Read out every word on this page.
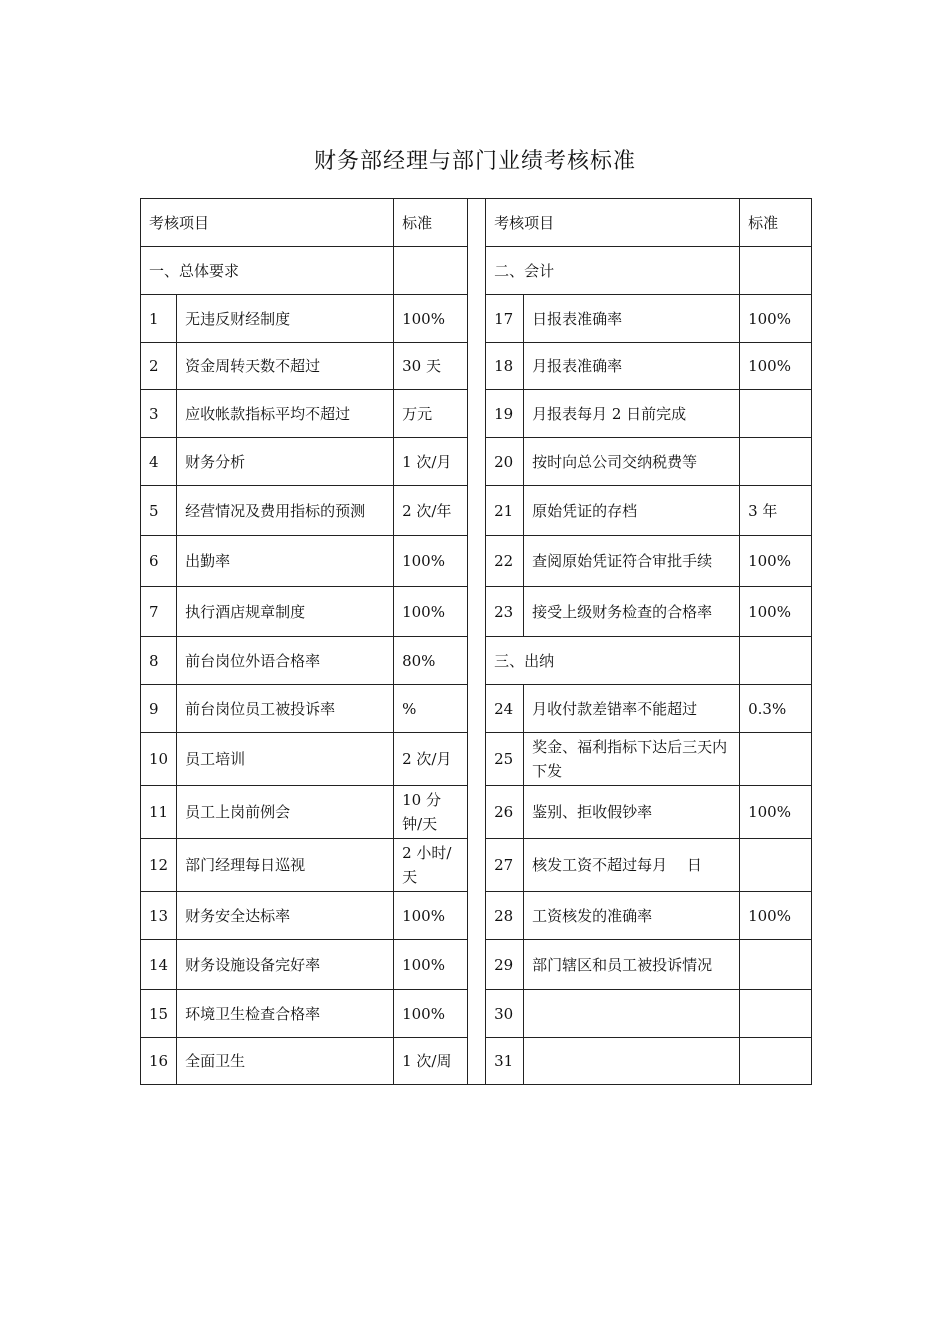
财务部经理与部门业绩考核标准
考核项目		标准		考核项目		标准
一、总体要求				二、会计		
1	无违反财经制度	100%		17	日报表准确率	100%
2	资金周转天数不超过	30 天		18	月报表准确率	100%
3	应收帐款指标平均不超过	万元		19	月报表每月 2 日前完成	
4	财务分析	1 次/月		20	按时向总公司交纳税费等	
5	经营情况及费用指标的预测	2 次/年		21	原始凭证的存档	3 年
6	出勤率	100%		22	查阅原始凭证符合审批手续	100%
7	执行酒店规章制度	100%		23	接受上级财务检查的合格率	100%
8	前台岗位外语合格率	80%		三、出纳		
9	前台岗位员工被投诉率	%		24	月收付款差错率不能超过	0.3%
10	员工培训	2 次/月		25	奖金、福利指标下达后三天内下发	
11	员工上岗前例会	10 分钟/天		26	鉴别、拒收假钞率	100%
12	部门经理每日巡视	2 小时/天		27	核发工资不超过每月　 日	
13	财务安全达标率	100%		28	工资核发的准确率	100%
14	财务设施设备完好率	100%		29	部门辖区和员工被投诉情况	
15	环境卫生检查合格率	100%		30		
16	全面卫生	1 次/周		31		
